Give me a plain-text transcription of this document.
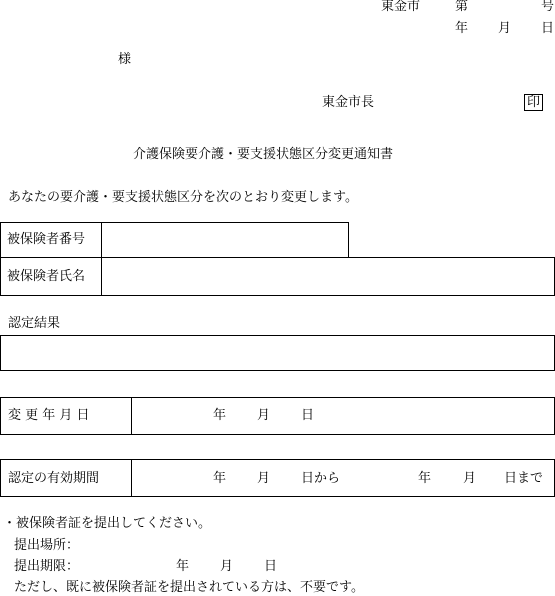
東金市	第	号
年 月 日
様
東金市長	印
介護保険要介護・要支援状態区分変更通知書
あなたの要介護・要支援状態区分を次のとおり変更します。
被保険者番号
被保険者氏名
認定結果
変 更 年 月 日	年 月 日
認定の有効期間	年 月 日から	年 月 日まで
・被保険者証を提出してください。
提出場所：
提出期限：	年 月 日
ただし、既に被保険者証を提出されている方は、不要です。
